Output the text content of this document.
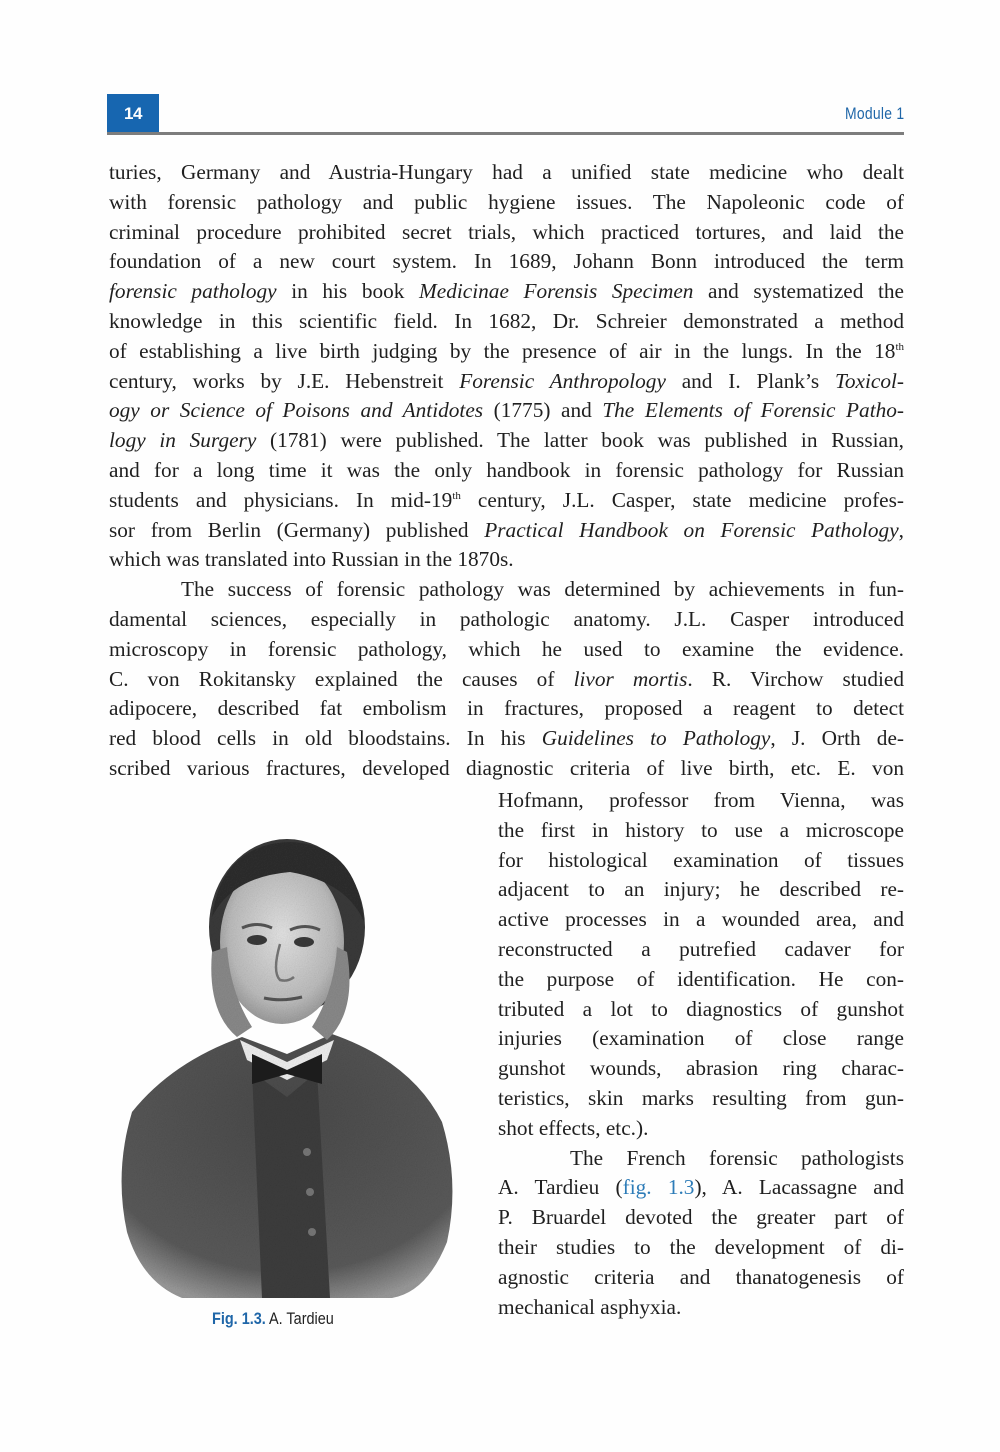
14	Module 1
turies, Germany and Austria-Hungary had a unified state medicine who dealt
with forensic pathology and public hygiene issues. The Napoleonic code of
criminal procedure prohibited secret trials, which practiced tortures, and laid the
foundation of a new court system. In 1689, Johann Bonn introduced the term
forensic pathology in his book Medicinae Forensis Specimen and systematized the
knowledge in this scientific field. In 1682, Dr. Schreier demonstrated a method
of establishing a live birth judging by the presence of air in the lungs. In the 18th
century, works by J.E. Hebenstreit Forensic Anthropology and I. Plank’s Toxicol-
ogy or Science of Poisons and Antidotes (1775) and The Elements of Forensic Patho-
logy in Surgery (1781) were published. The latter book was published in Russian,
and for a long time it was the only handbook in forensic pathology for Russian
students and physicians. In mid-19th century, J.L. Casper, state medicine profes-
sor from Berlin (Germany) published Practical Handbook on Forensic Pathology,
which was translated into Russian in the 1870s.
The success of forensic pathology was determined by achievements in fun-
damental sciences, especially in pathologic anatomy. J.L. Casper introduced
microscopy in forensic pathology, which he used to examine the evidence.
C. von Rokitansky explained the causes of livor mortis. R. Virchow studied
adipocere, described fat embolism in fractures, proposed a reagent to detect
red blood cells in old bloodstains. In his Guidelines to Pathology, J. Orth de-
scribed various fractures, developed diagnostic criteria of live birth, etc. E. von
Hofmann, professor from Vienna, was
the first in history to use a microscope
for histological examination of tissues
adjacent to an injury; he described re-
active processes in a wounded area, and
reconstructed a putrefied cadaver for
the purpose of identification. He con-
tributed a lot to diagnostics of gunshot
injuries (examination of close range
gunshot wounds, abrasion ring charac-
teristics, skin marks resulting from gun-
shot effects, etc.).
The French forensic pathologists
A. Tardieu (fig. 1.3), A. Lacassagne and
P. Bruardel devoted the greater part of
their studies to the development of di-
agnostic criteria and thanatogenesis of
mechanical asphyxia.
Fig. 1.3. A. Tardieu
